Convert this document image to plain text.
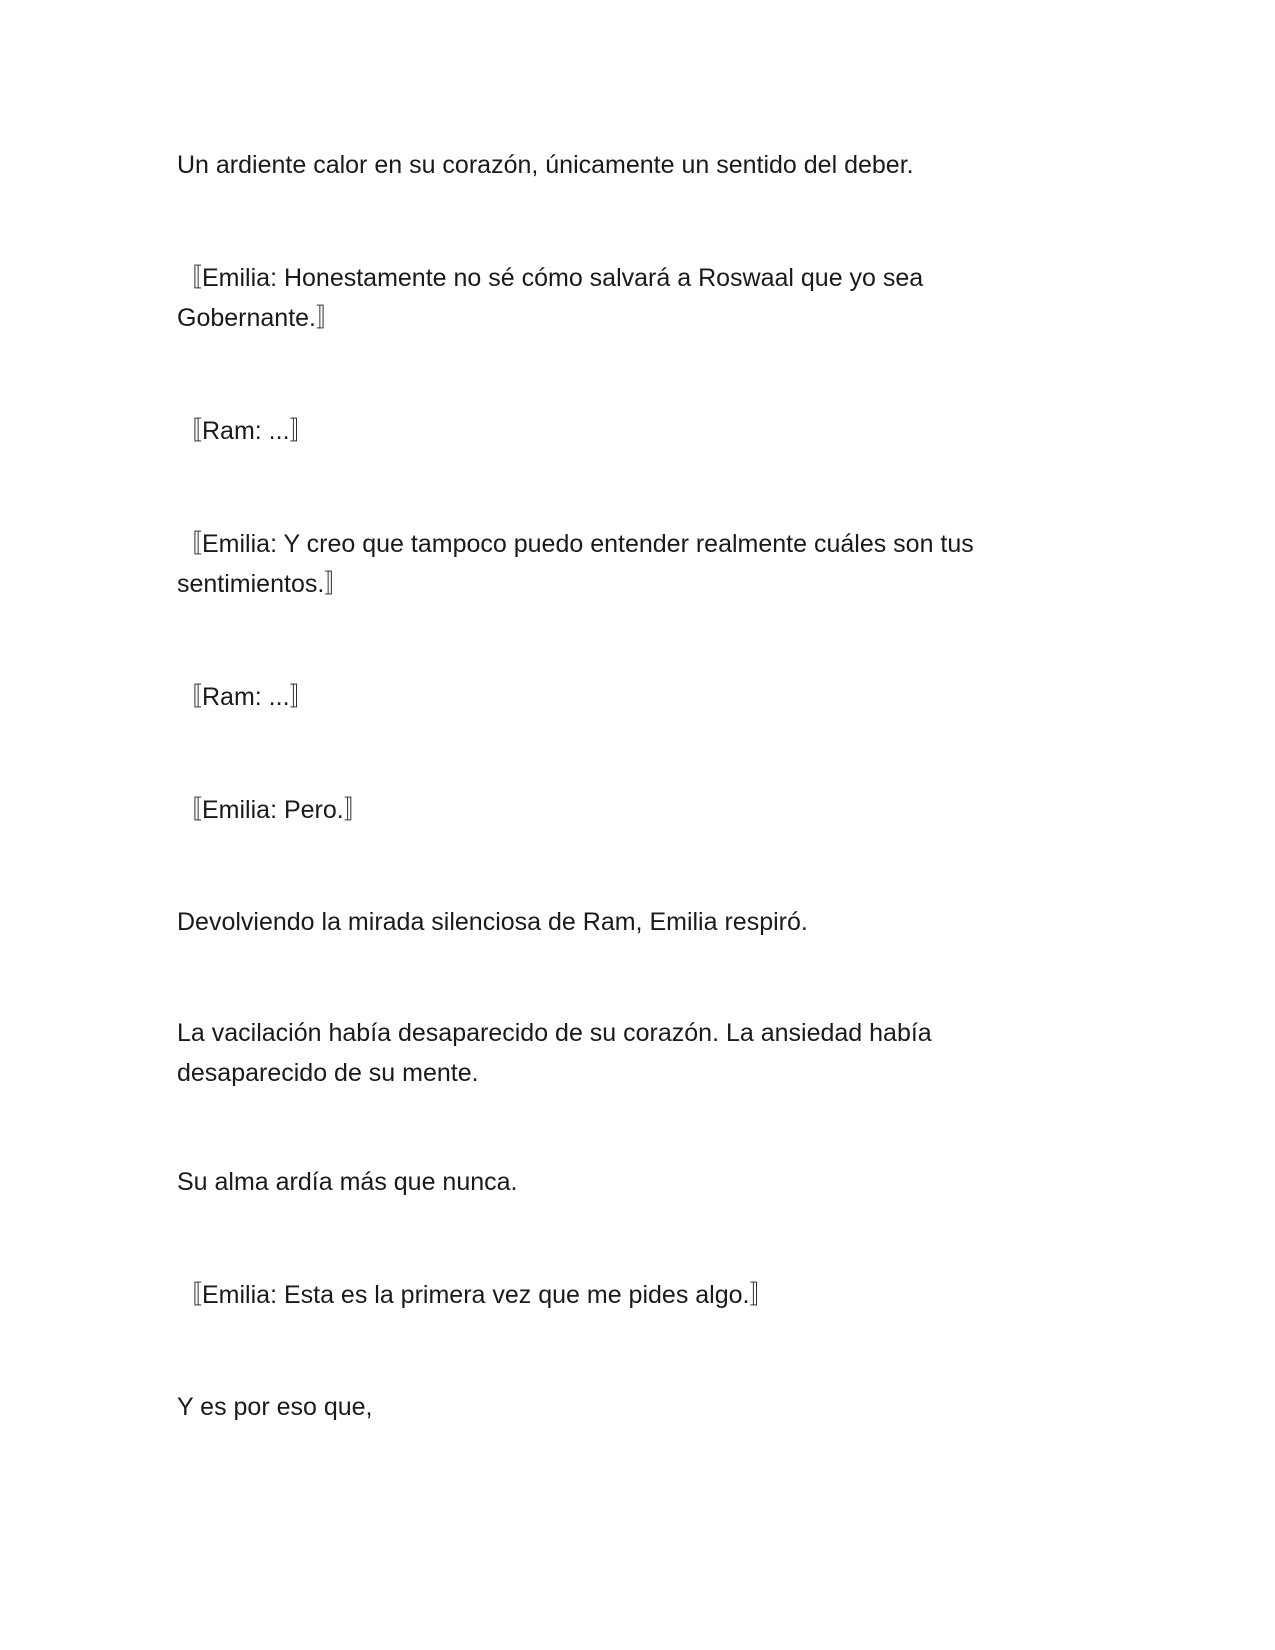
Un ardiente calor en su corazón, únicamente un sentido del deber.

〚Emilia: Honestamente no sé cómo salvará a Roswaal que yo sea Gobernante.〛

〚Ram: ...〛

〚Emilia: Y creo que tampoco puedo entender realmente cuáles son tus sentimientos.〛

〚Ram: ...〛

〚Emilia: Pero.〛

Devolviendo la mirada silenciosa de Ram, Emilia respiró.

La vacilación había desaparecido de su corazón. La ansiedad había desaparecido de su mente.

Su alma ardía más que nunca.

〚Emilia: Esta es la primera vez que me pides algo.〛

Y es por eso que,
